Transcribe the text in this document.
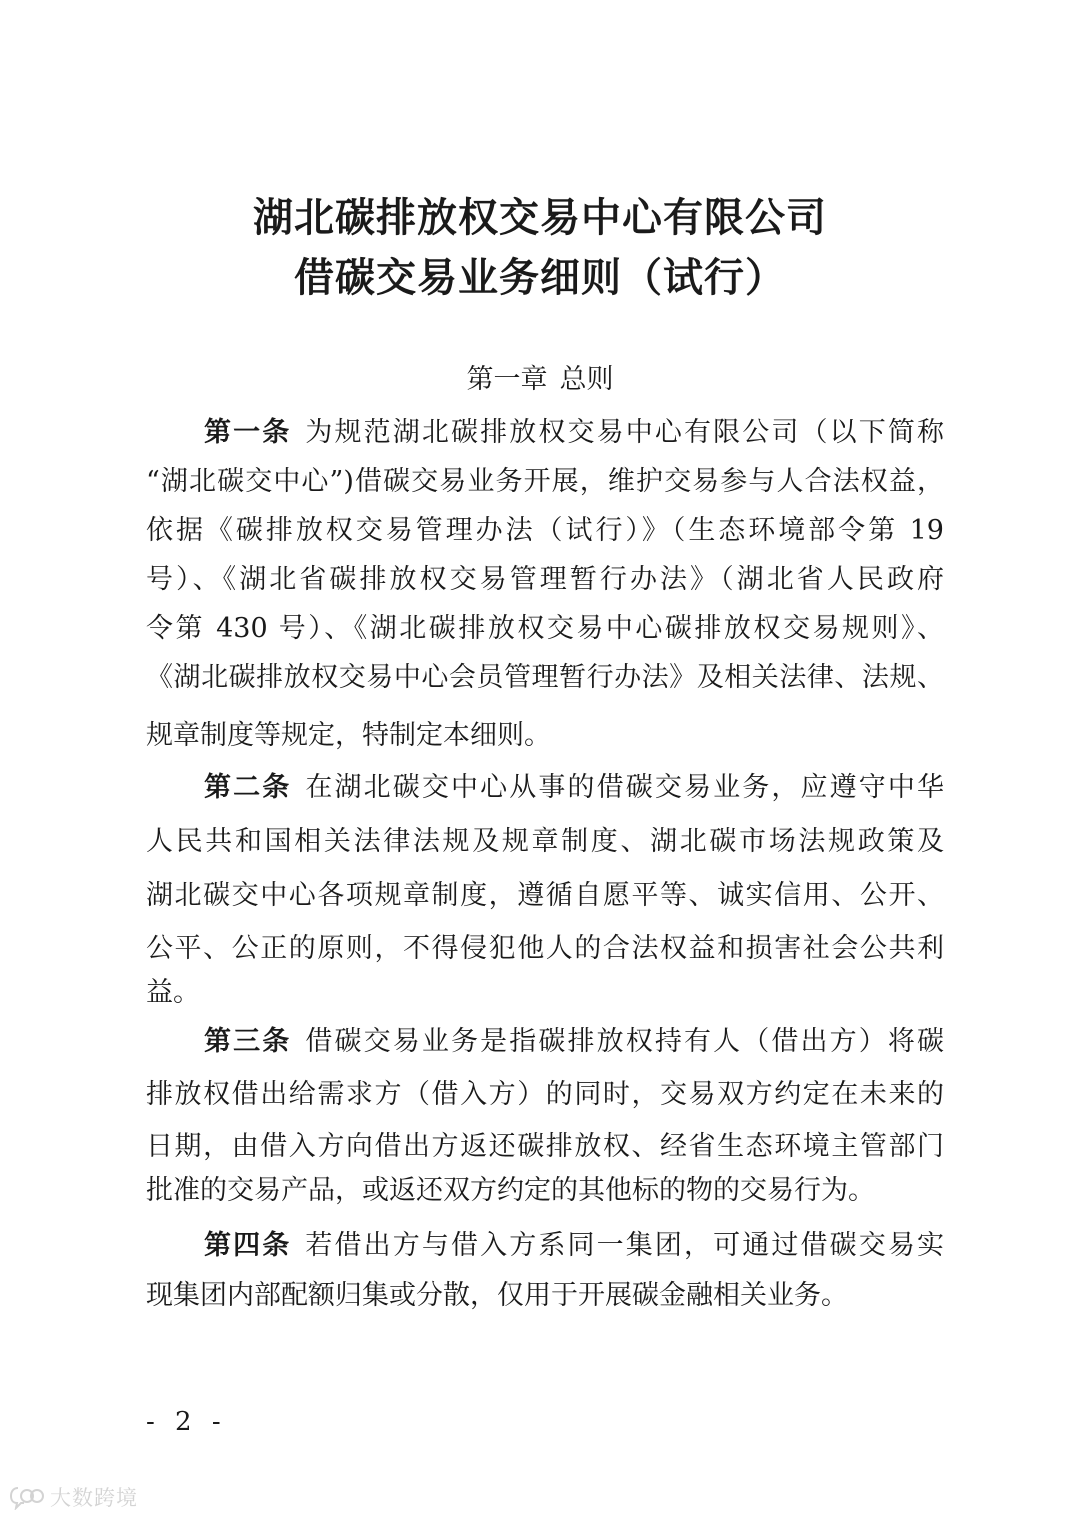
湖北碳排放权交易中心有限公司
借碳交易业务细则（试行）
第一章 总则
第一条 为规范湖北碳排放权交易中心有限公司（以下简称
“湖北碳交中心”)借碳交易业务开展，维护交易参与人合法权益，
依据《碳排放权交易管理办法（试行）》（生态环境部令第 19
号）、《湖北省碳排放权交易管理暂行办法》（湖北省人民政府
令第 430 号）、《湖北碳排放权交易中心碳排放权交易规则》、
《湖北碳排放权交易中心会员管理暂行办法》及相关法律、法规、
规章制度等规定，特制定本细则。
第二条 在湖北碳交中心从事的借碳交易业务，应遵守中华
人民共和国相关法律法规及规章制度、湖北碳市场法规政策及
湖北碳交中心各项规章制度，遵循自愿平等、诚实信用、公开、
公平、公正的原则，不得侵犯他人的合法权益和损害社会公共利
益。
第三条 借碳交易业务是指碳排放权持有人（借出方）将碳
排放权借出给需求方（借入方）的同时，交易双方约定在未来的
日期，由借入方向借出方返还碳排放权、经省生态环境主管部门
批准的交易产品，或返还双方约定的其他标的物的交易行为。
第四条 若借出方与借入方系同一集团，可通过借碳交易实
现集团内部配额归集或分散，仅用于开展碳金融相关业务。
- 2 -
大数跨境
